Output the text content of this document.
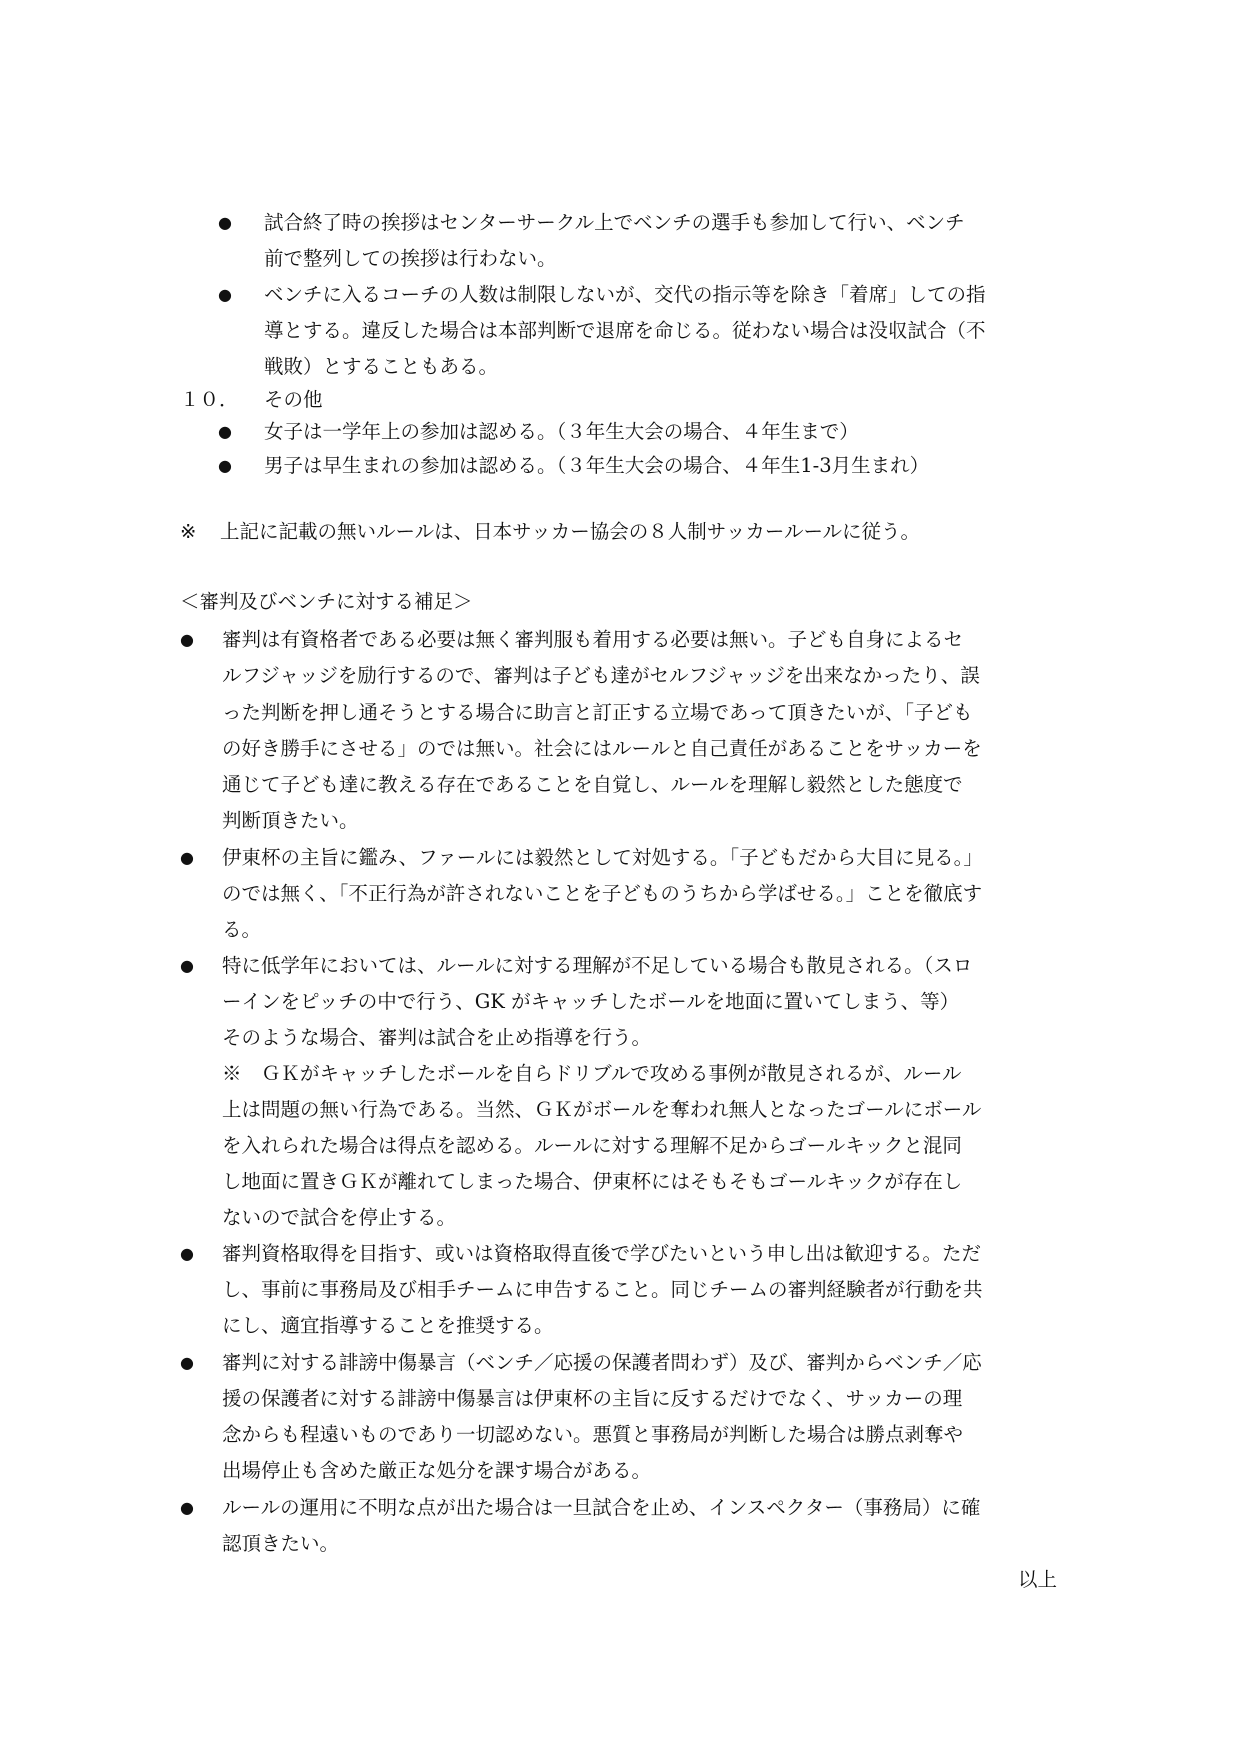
● 試合終了時の挨拶はセンターサークル上でベンチの選手も参加して行い、ベンチ
前で整列しての挨拶は行わない。
● ベンチに入るコーチの人数は制限しないが、交代の指示等を除き「着席」しての指
導とする。違反した場合は本部判断で退席を命じる。従わない場合は没収試合（不
戦敗）とすることもある。
１０． その他
● 女子は一学年上の参加は認める。（３年生大会の場合、４年生まで）
● 男子は早生まれの参加は認める。（３年生大会の場合、４年生1-3月生まれ）
※ 上記に記載の無いルールは、日本サッカー協会の８人制サッカールールに従う。
＜審判及びベンチに対する補足＞
● 審判は有資格者である必要は無く審判服も着用する必要は無い。子ども自身によるセ
ルフジャッジを励行するので、審判は子ども達がセルフジャッジを出来なかったり、誤
った判断を押し通そうとする場合に助言と訂正する立場であって頂きたいが、「子ども
の好き勝手にさせる」のでは無い。社会にはルールと自己責任があることをサッカーを
通じて子ども達に教える存在であることを自覚し、ルールを理解し毅然とした態度で
判断頂きたい。
● 伊東杯の主旨に鑑み、ファールには毅然として対処する。「子どもだから大目に見る。」
のでは無く、「不正行為が許されないことを子どものうちから学ばせる。」ことを徹底す
る。
● 特に低学年においては、ルールに対する理解が不足している場合も散見される。（スロ
ーインをピッチの中で行う、GK がキャッチしたボールを地面に置いてしまう、等）
そのような場合、審判は試合を止め指導を行う。
※　ＧＫがキャッチしたボールを自らドリブルで攻める事例が散見されるが、ルール
上は問題の無い行為である。当然、ＧＫがボールを奪われ無人となったゴールにボール
を入れられた場合は得点を認める。ルールに対する理解不足からゴールキックと混同
し地面に置きＧＫが離れてしまった場合、伊東杯にはそもそもゴールキックが存在し
ないので試合を停止する。
● 審判資格取得を目指す、或いは資格取得直後で学びたいという申し出は歓迎する。ただ
し、事前に事務局及び相手チームに申告すること。同じチームの審判経験者が行動を共
にし、適宜指導することを推奨する。
● 審判に対する誹謗中傷暴言（ベンチ／応援の保護者問わず）及び、審判からベンチ／応
援の保護者に対する誹謗中傷暴言は伊東杯の主旨に反するだけでなく、サッカーの理
念からも程遠いものであり一切認めない。悪質と事務局が判断した場合は勝点剥奪や
出場停止も含めた厳正な処分を課す場合がある。
● ルールの運用に不明な点が出た場合は一旦試合を止め、インスペクター（事務局）に確
認頂きたい。
以上
